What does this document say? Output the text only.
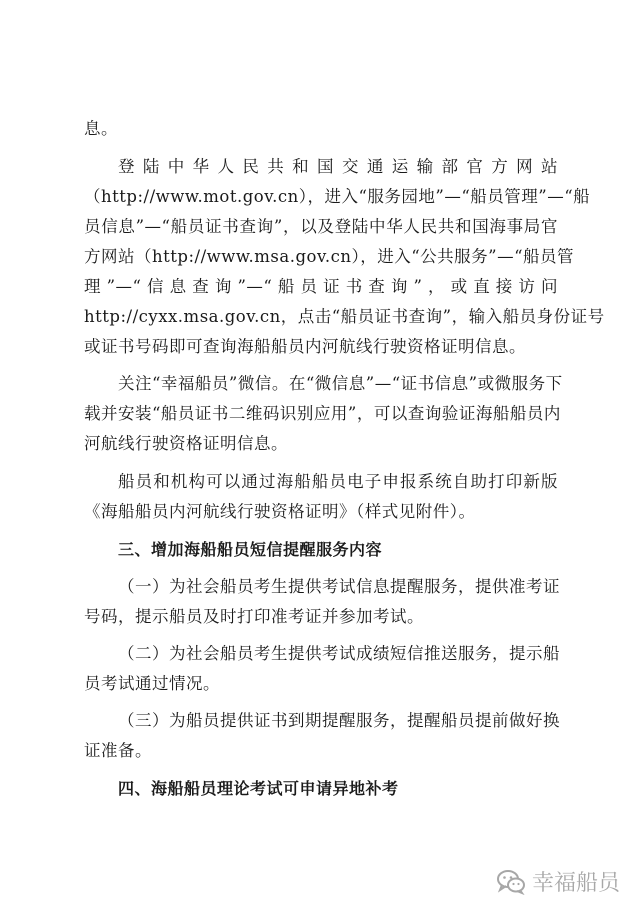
息。
登陆中华人民共和国交通运输部官方网站
（http://www.mot.gov.cn），进入“服务园地”—“船员管理”—“船
员信息”—“船员证书查询”，以及登陆中华人民共和国海事局官
方网站（http://www.msa.gov.cn），进入“公共服务”—“船员管
理”—“信息查询”—“船员证书查询”，或直接访问
http://cyxx.msa.gov.cn，点击“船员证书查询”，输入船员身份证号
或证书号码即可查询海船船员内河航线行驶资格证明信息。
关注“幸福船员”微信。在“微信息”—“证书信息”或微服务下
载并安装“船员证书二维码识别应用”，可以查询验证海船船员内
河航线行驶资格证明信息。
船员和机构可以通过海船船员电子申报系统自助打印新版
《海船船员内河航线行驶资格证明》（样式见附件）。
三、增加海船船员短信提醒服务内容
（一）为社会船员考生提供考试信息提醒服务，提供准考证
号码，提示船员及时打印准考证并参加考试。
（二）为社会船员考生提供考试成绩短信推送服务，提示船
员考试通过情况。
（三）为船员提供证书到期提醒服务，提醒船员提前做好换
证准备。
四、海船船员理论考试可申请异地补考
幸福船员
